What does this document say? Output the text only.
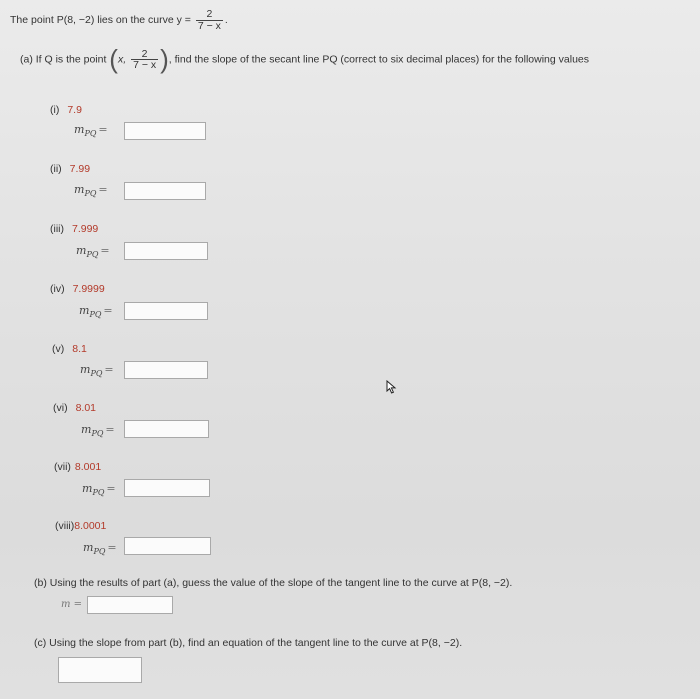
The point P(8, −2) lies on the curve $y = \frac{2}{7 - x}$ .
(a) If Q is the point (x, $\frac{2}{7 - x}$ ), find the slope of the secant line PQ (correct to six decimal places) for the following values
(i) 7.9
$m_{PQ}$ =
(ii) 7.99
$m_{PQ}$ =
(iii) 7.999
$m_{PQ}$ =
(iv) 7.9999
$m_{PQ}$ =
(v) 8.1
$m_{PQ}$ =
(vi) 8.01
$m_{PQ}$ =
(vii) 8.001
$m_{PQ}$ =
(viii)8.0001
$m_{PQ}$ =
(b) Using the results of part (a), guess the value of the slope of the tangent line to the curve at P(8, −2).
m =
(c) Using the slope from part (b), find an equation of the tangent line to the curve at P(8, −2).
